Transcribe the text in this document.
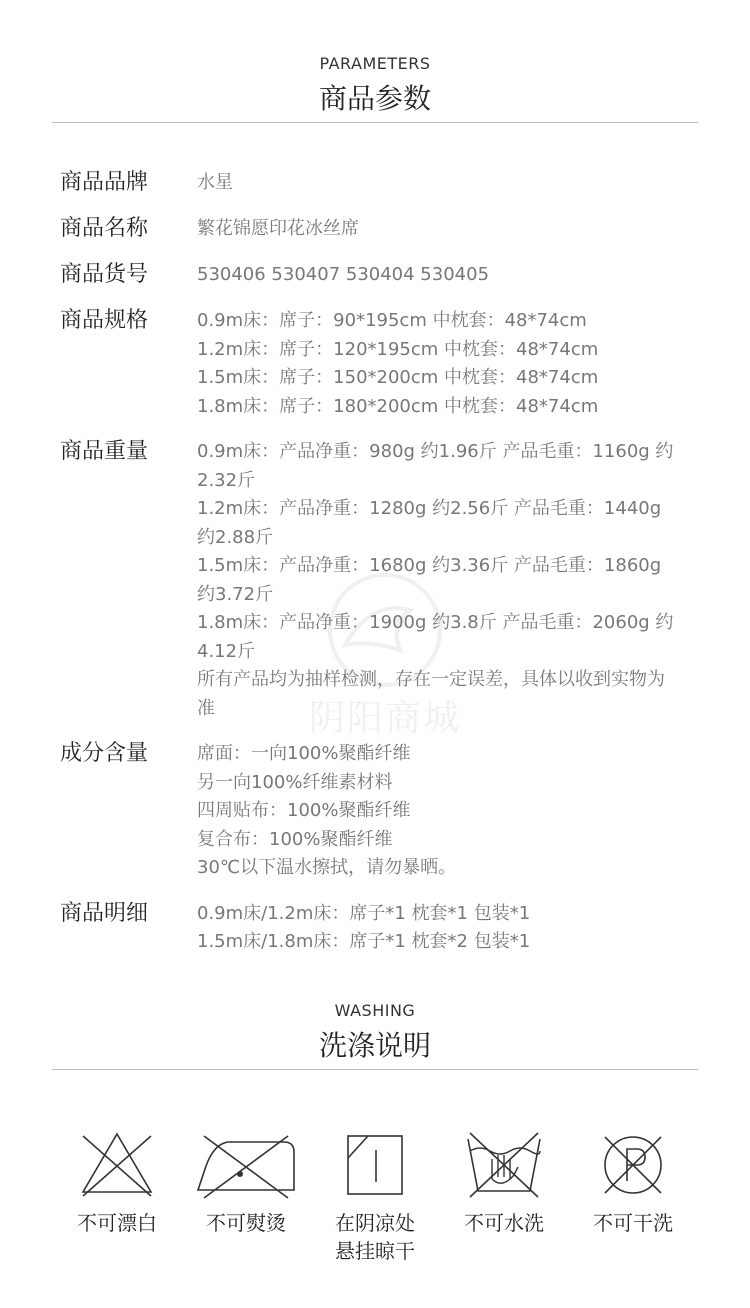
PARAMETERS
商品参数
商品品牌	水星
商品名称	繁花锦愿印花冰丝席
商品货号	530406 530407 530404 530405
商品规格	0.9m床：席子：90*195cm 中枕套：48*74cm
1.2m床：席子：120*195cm 中枕套：48*74cm
1.5m床：席子：150*200cm 中枕套：48*74cm
1.8m床：席子：180*200cm 中枕套：48*74cm
商品重量	0.9m床：产品净重：980g 约1.96斤 产品毛重：1160g 约2.32斤
1.2m床：产品净重：1280g 约2.56斤 产品毛重：1440g 约2.88斤
1.5m床：产品净重：1680g 约3.36斤 产品毛重：1860g 约3.72斤
1.8m床：产品净重：1900g 约3.8斤 产品毛重：2060g 约4.12斤
所有产品均为抽样检测，存在一定误差，具体以收到实物为准
成分含量	席面：一向100%聚酯纤维
另一向100%纤维素材料
四周贴布：100%聚酯纤维
复合布：100%聚酯纤维
30℃以下温水擦拭，请勿暴晒。
商品明细	0.9m床/1.2m床：席子*1 枕套*1 包装*1
1.5m床/1.8m床：席子*1 枕套*2 包装*1
阴阳商城
WASHING
洗涤说明
不可漂白	不可熨烫	在阴凉处
悬挂晾干
不可水洗	不可干洗
